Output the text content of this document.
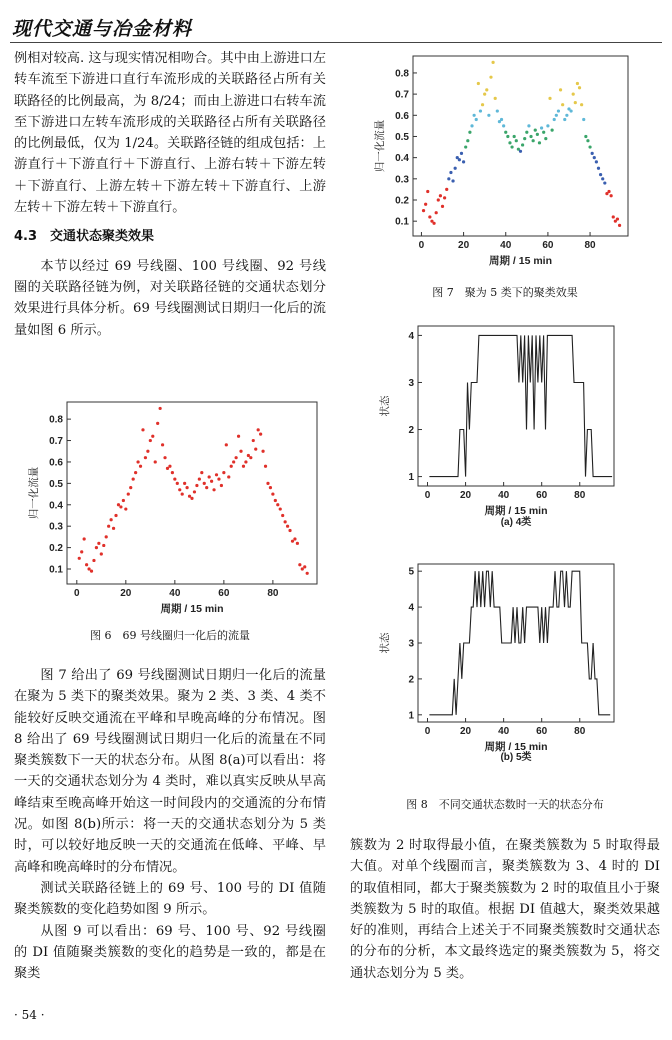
现代交通与冶金材料

例相对较高. 这与现实情况相吻合。其中由上游进口左转车流至下游进口直行车流形成的关联路径占所有关联路径的比例最高，为 8/24；而由上游进口右转车流至下游进口左转车流形成的关联路径占所有关联路径的比例最低，仅为 1/24。关联路径链的组成包括：上游直行＋下游直行＋下游直行、上游右转＋下游左转＋下游直行、上游左转＋下游左转＋下游直行、上游左转＋下游左转＋下游直行。

4.3　交通状态聚类效果

本节以经过 69 号线圈、100 号线圈、92 号线圈的关联路径链为例，对关联路径链的交通状态划分效果进行具体分析。69 号线圈测试日期归一化后的流量如图 6 所示。

0	20	40	60	80
0.1
0.2
0.3
0.4
0.5
0.6
0.7
0.8
周期 / 15 min
归一化流量
图 6　69 号线圈归一化后的流量

图 7 给出了 69 号线圈测试日期归一化后的流量在聚为 5 类下的聚类效果。聚为 2 类、3 类、4 类不能较好反映交通流在平峰和早晚高峰的分布情况。图 8 给出了 69 号线圈测试日期归一化后的流量在不同聚类簇数下一天的状态分布。从图 8(a)可以看出：将一天的交通状态划分为 4 类时，难以真实反映从早高峰结束至晚高峰开始这一时间段内的交通流的分布情况。如图 8(b)所示：将一天的交通状态划分为 5 类时，可以较好地反映一天的交通流在低峰、平峰、早高峰和晚高峰时的分布情况。

测试关联路径链上的 69 号、100 号的 DI 值随聚类簇数的变化趋势如图 9 所示。

从图 9 可以看出：69 号、100 号、92 号线圈的 DI 值随聚类簇数的变化的趋势是一致的，都是在聚类

0	20	40	60	80
0.1
0.2
0.3
0.4
0.5
0.6
0.7
0.8
周期 / 15 min
归一化流量
图 7　聚为 5 类下的聚类效果
0	20	40	60	80
1
2
3
4
周期 / 15 min
状态
(a) 4类
0	20	40	60	80
1
2
3
4
5
周期 / 15 min
状态
(b) 5类
图 8　不同交通状态数时一天的状态分布

簇数为 2 时取得最小值，在聚类簇数为 5 时取得最大值。对单个线圈而言，聚类簇数为 3、4 时的 DI 的取值相同，都大于聚类簇数为 2 时的取值且小于聚类簇数为 5 时的取值。根据 DI 值越大，聚类效果越好的准则，再结合上述关于不同聚类簇数时交通状态的分布的分析，本文最终选定的聚类簇数为 5，将交通状态划分为 5 类。

· 54 ·
